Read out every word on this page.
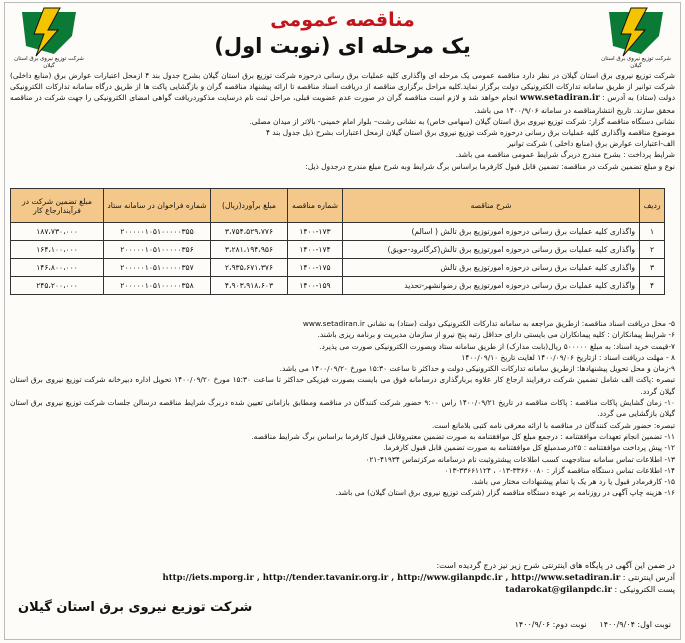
شرکت توزیع نیروی برق استان گیلان
شرکت توزیع نیروی برق استان گیلان
مناقصه عمومی
یک مرحله ای (نوبت اول)

شرکت توزیع نیروی برق استان گیلان در نظر دارد مناقصه عمومی یک مرحله ای واگذاری کلیه عملیات برق رسانی درحوزه شرکت توزیع برق استان گیلان بشرح جدول بند ۴ ازمحل اعتبارات عوارض برق (منابع داخلی) شرکت توانیر از طریق سامانه تدارکات الکترونیکی دولت برگزار نماید.کلیه مراحل برگزاری مناقصه از دریافت اسناد مناقصه تا ارائه پیشنهاد مناقصه گران و بازگشایی پاکت ها از طریق درگاه سامانه تدارکات الکترونیکی دولت (ستاد) به آدرس : www.setadiran.ir انجام خواهد شد و لازم است مناقصه گران در صورت عدم عضویت قبلی، مراحل ثبت نام درسایت مذکوردریافت گواهی امضای الکترونیکی را جهت شرکت در مناقصه محقق سازند. تاریخ انتشارمناقصه در سامانه ۱۴۰۰/۹/۰۶ می باشد.

نشانی دستگاه مناقصه گزار: شرکت توزیع نیروی برق استان گیلان (سهامی خاص) به نشانی رشت– بلوار امام خمینی- بالاتر از میدان مصلی.

موضوع مناقصه واگذاری کلیه عملیات برق رسانی درحوزه شرکت توزیع نیروی برق استان گیلان ازمحل اعتبارات بشرح ذیل جدول بند ۴

الف-اعتبارات عوارض برق (منابع داخلی ) شرکت توانیر

شرایط پرداخت : بشرح مندرج دربرگ شرایط عمومی مناقصه می باشد.

نوع و مبلغ تضمین شرکت در مناقصه: تضمین قابل قبول کارفرما براساس برگ شرایط وبه شرح مبلغ مندرج درجدول ذیل:

ردیف	شرح مناقصه	شماره مناقصه	مبلغ برآورد(ریال)	شماره فراخوان در سامانه ستاد	مبلغ تضمین شرکت در فرآیندارجاع کار
۱	واگذاری کلیه عملیات برق رسانی درحوزه امورتوزیع برق تالش ( اسالم)	۱۴۰۰-۱۷۳	۳،۷۵۴،۵۲۹،۷۷۶	۲۰۰۰۰۰۱۰۵۱۰۰۰۰۰۳۵۵	۱۸۷،۷۳۰،۰۰۰
۲	واگذاری کلیه عملیات برق رسانی درحوزه امورتوزیع برق تالش(کرگانرود-حویق)	۱۴۰۰-۱۷۴	۳،۲۸۱،۱۹۴،۹۵۶	۲۰۰۰۰۰۱۰۵۱۰۰۰۰۰۳۵۶	۱۶۴،۱۰۰،۰۰۰
۳	واگذاری کلیه عملیات برق رسانی درحوزه امورتوزیع برق تالش	۱۴۰۰-۱۷۵	۲،۹۳۵،۶۷۱،۳۷۶	۲۰۰۰۰۰۱۰۵۱۰۰۰۰۰۳۵۷	۱۴۶،۸۰۰،۰۰۰
۴	واگذاری کلیه عملیات برق رسانی درحوزه امورتوزیع برق رضوانشهر-تحدید	۱۴۰۰-۱۵۹	۴،۹۰۳،۹۱۸،۶۰۳	۲۰۰۰۰۰۱۰۵۱۰۰۰۰۰۳۵۸	۲۴۵،۲۰۰،۰۰۰

۵- محل دریافت اسناد مناقصه: ازطریق مراجعه به سامانه تدارکات الکترونیکی دولت (ستاد) به نشانی www.setadiran.ir

۶- شرایط پیمانکاران : کلیه پیمانکاران می بایستی دارای حداقل رتبه پنج نیرو از سازمان مدیریت و برنامه ریزی باشند.

۷-قیمت خرید اسناد: به مبلغ ۵۰۰۰۰۰ ریال(بابت مدارک) از طریق سامانه ستاد وبصورت الکترونیکی صورت می پذیرد.

۸ - مهلت دریافت اسناد : ازتاریخ ۱۴۰۰/۰۹/۰۶ لغایت تاریخ ۱۴۰۰/۰۹/۱۰

۹-زمان و محل تحویل پیشنهادها: ازطریق سامانه تدارکات الکترونیکی دولت و حداکثر تا ساعت ۱۵:۳۰ مورخ ۱۴۰۰/۰۹/۲۰ می باشد.

تبصره :پاکت الف شامل تضمین شرکت درفرایند ارجاع کار علاوه بربارگذاری درسامانه فوق می بایست بصورت فیزیکی حداکثر تا ساعت ۱۵:۳۰ مورخ ۱۴۰۰/۰۹/۲۰ تحویل اداره دبیرخانه شرکت توزیع نیروی برق استان گیلان گردد.

۱۰- زمان گشایش پاکات مناقصه : پاکات مناقصه در تاریخ ۱۴۰۰/۰۹/۲۱ راس ۹:۰۰ حضور شرکت کنندگان در مناقصه ومطابق بازامانی تعیین شده دربرگ شرایط مناقصه درسالن جلسات شرکت توزیع نیروی برق استان گیلان بازگشایی می گردد.

تبصره: حضور شرکت کنندگان در مناقصه با ارائه معرفی نامه کتبی بلامانع است.

۱۱- تضمین انجام تعهدات موافقتنامه : درجمع مبلغ کل موافقتنامه به صورت تضمین معتبروقابل قبول کارفرما براساس برگ شرایط مناقصه.

۱۲- پیش پرداخت موافقتنامه : ۲۵درصدمبلغ کل موافقتنامه به صورت تضمین قابل قبول کارفرما.

۱۳- اطلاعات تماس سامانه ستادجهت کسب اطلاعات پیشتروثبت نام درسامانه مرکزتماس ۴۱۹۳۴-۰۲۱

۱۴- اطلاعات تماس دستگاه مناقصه گزار : ۳۳۶۶۰۰۸۰-۰۱۳ ، ۳۳۶۶۱۱۲۴-۰۱۳

۱۵- کارفرمادر قبول یا رد هر یک یا تمام پیشنهادات مختار می باشد.

۱۶- هزینه چاپ آگهی در روزنامه بر عهده دستگاه مناقصه گزار (شرکت توزیع نیروی برق استان گیلان) می باشد.

در ضمن این آگهی در پایگاه های اینترنتی شرح زیر نیز درج گردیده است:

آدرس اینترنتی : http://iets.mporg.ir , http://tender.tavanir.org.ir , http://www.gilanpdc.ir , http://www.setadiran.ir

پست الکترونیکی : tadarokat@gilanpdc.ir

شرکت توزیع نیروی برق استان گیلان
نوبت اول: ۱۴۰۰/۹/۰۴     نوبت دوم: ۱۴۰۰/۹/۰۶
